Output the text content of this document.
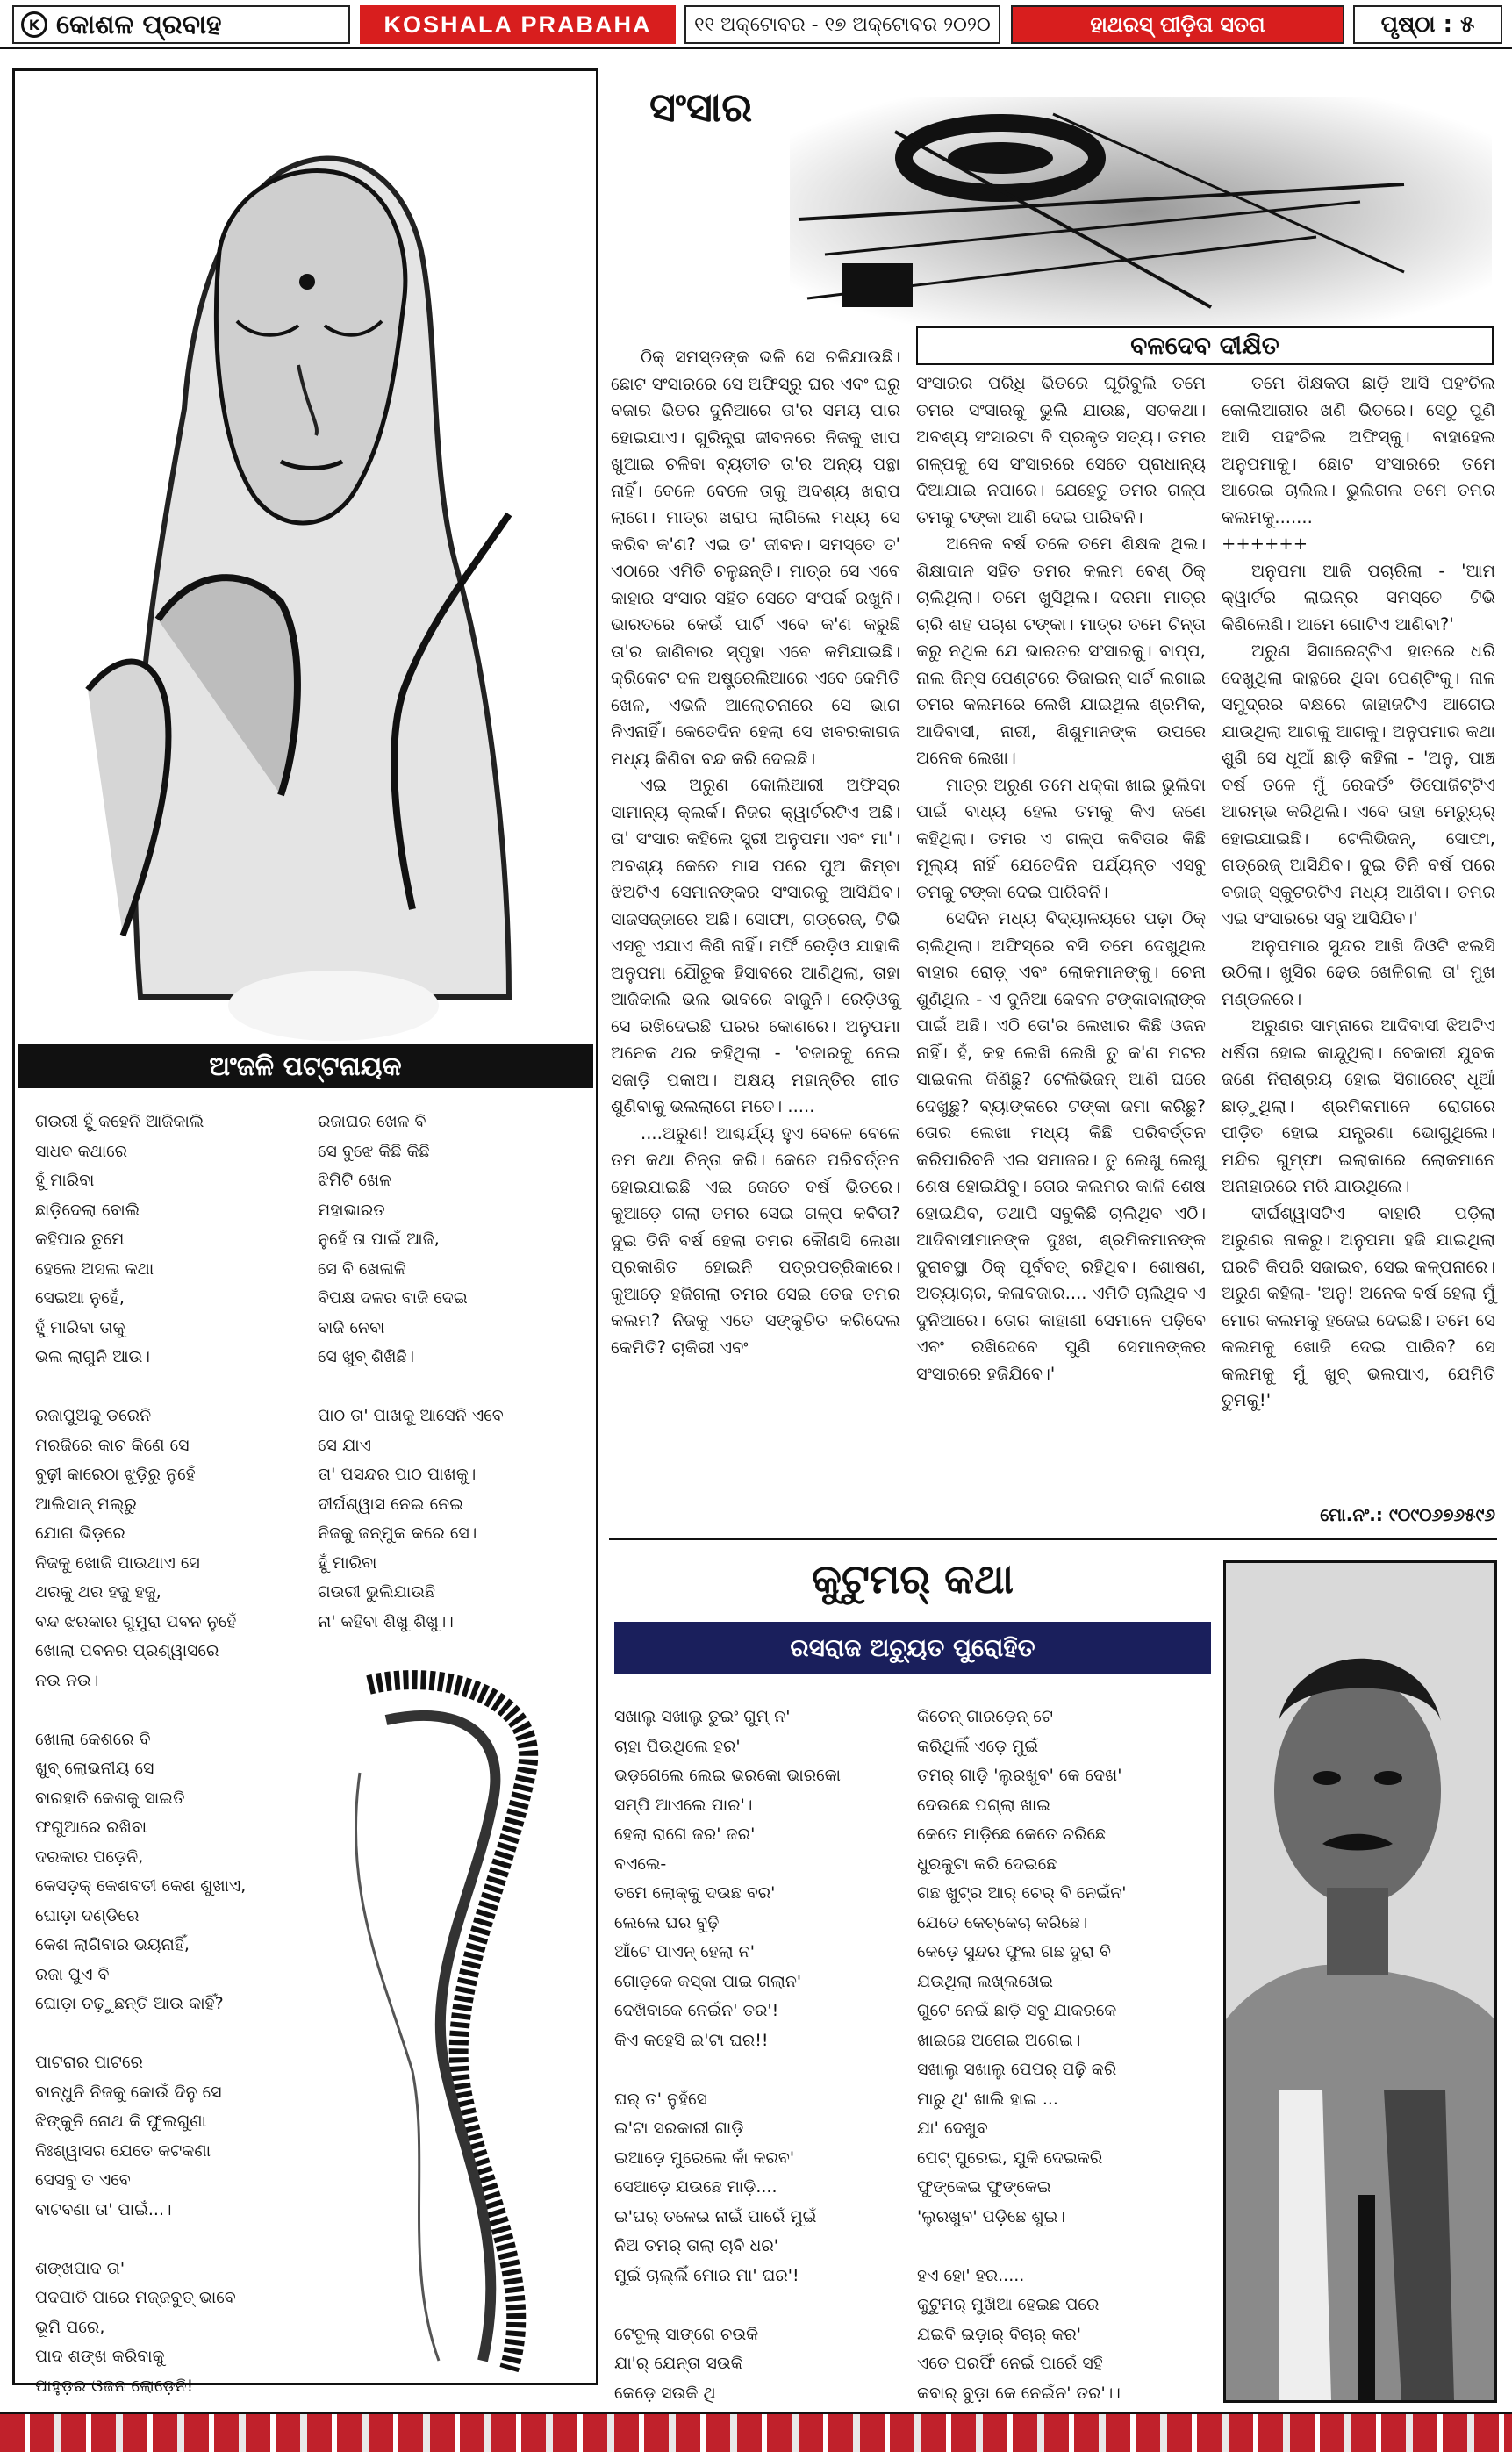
K କୋଶଳ ପ୍ରବାହ	KOSHALA PRABAHA	୧୧ ଅକ୍ଟୋବର - ୧୭ ଅକ୍ଟୋବର ୨୦୨୦	ହାଥରସ୍ ପୀଡ଼ିତା ସତଗ	ପୃଷ୍ଠା : ୫
ଅଂଜଳି ପଟ୍ଟନାୟକ
ଗଉରୀ ହୁଁ କହେନି ଆଜିକାଲି
ସାଧବ କଥାରେ
ହୁଁ ମାରିବା
ଛାଡ଼ିଦେଲା ବୋଲି
କହିପାର ତୁମେ
ହେଲେ ଅସଲ କଥା
ସେଇଆ ନୁହେଁ,
ହୁଁ ମାରିବା ତାକୁ
ଭଲ ଲାଗୁନି ଆଉ।

ରଜାପୁଅକୁ ଡରେନି
ମରଜିରେ କାଚ କିଣେ ସେ
ବୁଢ଼ୀ କାରେଠା ଝୁଡ଼ିରୁ ନୁହେଁ
ଆଲିସାନ୍ ମଲ୍ରୁ
ଯୋଗ ଭିଡ଼ରେ
ନିଜକୁ ଖୋଜି ପାଉଥାଏ ସେ
ଥରକୁ ଥର ହଜୁ ହଜୁ,
ବନ୍ଦ ଝରକାର ଗୁମୁରା ପବନ ନୁହେଁ
ଖୋଲା ପବନର ପ୍ରଶ୍ୱାସରେ
ନଉ ନଉ।

ଖୋଲା କେଶରେ ବି
ଖୁବ୍ ଲୋଭନୀୟ ସେ
ବାରହାତି କେଶକୁ ସାଇତି
ଫଗୁଆରେ ରଖିବା
ଦରକାର ପଡ଼େନି,
କେସଡ଼କ୍ କେଶବତୀ କେଶ ଶୁଖାଏ,
ଘୋଡ଼ା ଦଣ୍ଡିରେ
କେଶ ଲାଗିବାର ଭୟନାହିଁ,
ରଜା ପୁଏ ବି
ଘୋଡ଼ା ଚଢ଼ୁଛନ୍ତି ଆଉ କାହିଁ?

ପାଟରାର ପାଟରେ
ବାନ୍ଧୁନି ନିଜକୁ କୋଉଁ ଦିନୁ ସେ
ଝିଙ୍କୁନି ନୋଥ କି ଫୁଲଗୁଣା
ନିଃଶ୍ୱାସର ଯେତେ କଟକଣା
ସେସବୁ ତ ଏବେ
ବାଟବଣା ତା' ପାଇଁ...।

ଶଙ୍ଖପାଦ ତା'
ପଦପାତି ପାରେ ମଜ୍ଜବୁତ୍ ଭାବେ
ଭୂମି ପରେ,
ପାଦ ଶଙ୍ଖ କରିବାକୁ
ପାହୁଡ଼ର ଓଜନ ଲୋଡ଼େନି!
ରଜାଘର ଖେଳ ବି
ସେ ବୁଝେ କିଛି କିଛି
ଝିମିଟି ଖେଳ
ମହାଭାରତ
ନୁହେଁ ତା ପାଇଁ ଆଜି,
ସେ ବି ଖେଳାଳି
ବିପକ୍ଷ ଦଳର ବାଜି ଦେଇ
ବାଜି ନେବା
ସେ ଖୁବ୍ ଶିଖିଛି।

ପାଠ ତା' ପାଖକୁ ଆସେନି ଏବେ
ସେ ଯାଏ
ତା' ପସନ୍ଦର ପାଠ ପାଖକୁ।
ଦୀର୍ଘଶ୍ୱାସ ନେଇ ନେଇ
ନିଜକୁ ଜନ୍ମୁକ କରେ ସେ।
ହୁଁ ମାରିବା
ଗଉରୀ ଭୁଲିଯାଉଛି
ନା' କହିବା ଶିଖୁ ଶିଖୁ।।
ସଂସାର
ବଳଦେବ ଦୀକ୍ଷିତ

ଠିକ୍ ସମସ୍ତଙ୍କ ଭଳି ସେ ଚଳିଯାଉଛି। ଛୋଟ ସଂସାରରେ ସେ ଅଫିସ୍ରୁ ଘର ଏବଂ ଘରୁ ବଜାର ଭିତର ଦୁନିଆରେ ତା'ର ସମୟ ପାର ହୋଇଯାଏ। ଗୁରିନ୍ତ୍ରା ଜୀବନରେ ନିଜକୁ ଖାପ ଖୁଆଇ ଚଳିବା ବ୍ୟତୀତ ତା'ର ଅନ୍ୟ ପନ୍ଥା ନାହିଁ। ବେଳେ ବେଳେ ତାକୁ ଅବଶ୍ୟ ଖରାପ ଲାଗେ। ମାତ୍ର ଖରାପ ଲାଗିଲେ ମଧ୍ୟ ସେ କରିବ କ'ଣ? ଏଇ ତ' ଜୀବନ। ସମସ୍ତେ ତ' ଏଠାରେ ଏମିତି ଚଳୁଛନ୍ତି। ମାତ୍ର ସେ ଏବେ କାହାର ସଂସାର ସହିତ ସେତେ ସଂପର୍କ ରଖୁନି। ଭାରତରେ କେଉଁ ପାର୍ଟି ଏବେ କ'ଣ କରୁଛି ତା'ର ଜାଣିବାର ସ୍ପୃହା ଏବେ କମିଯାଇଛି। କ୍ରିକେଟ ଦଳ ଅଷ୍ଟ୍ରେଲିଆରେ ଏବେ କେମିତି ଖେଳ, ଏଭଳି ଆଲୋଚନାରେ ସେ ଭାଗ ନିଏନାହିଁ। କେତେଦିନ ହେଲା ସେ ଖବରକାଗଜ ମଧ୍ୟ କିଣିବା ବନ୍ଦ କରି ଦେଇଛି।

ଏଇ ଅରୁଣ କୋଲିଆରୀ ଅଫିସ୍ର ସାମାନ୍ୟ କ୍ଲର୍କ। ନିଜର କ୍ୱାର୍ଟରଟିଏ ଅଛି। ତା' ସଂସାର କହିଲେ ସ୍ତ୍ରୀ ଅନୁପମା ଏବଂ ମା'। ଅବଶ୍ୟ କେତେ ମାସ ପରେ ପୁଅ କିମ୍ବା ଝିଅଟିଏ ସେମାନଙ୍କର ସଂସାରକୁ ଆସିଯିବ। ସାଜସଜ୍ଜାରେ ଅଛି। ସୋଫା, ଗଡ୍ରେଜ୍, ଟିଭି ଏସବୁ ଏଯାଏ କିଣି ନାହିଁ। ମର୍ଫି ରେଡ଼ିଓ ଯାହାକି ଅନୁପମା ଯୌତୁକ ହିସାବରେ ଆଣିଥିଲା, ତାହା ଆଜିକାଲି ଭଲ ଭାବରେ ବାଜୁନି। ରେଡ଼ିଓକୁ ସେ ରଖିଦେଇଛି ଘରର କୋଣରେ। ଅନୁପମା ଅନେକ ଥର କହିଥିଲା - 'ବଜାରକୁ ନେଇ ସଜାଡ଼ି ପକାଅ। ଅକ୍ଷୟ ମହାନ୍ତିର ଗୀତ ଶୁଣିବାକୁ ଭଲଲାଗେ ମତେ। .....

....ଅରୁଣ! ଆଶ୍ଚର୍ଯ୍ୟ ହୁଏ ବେଳେ ବେଳେ ତମ କଥା ଚିନ୍ତା କରି। କେତେ ପରିବର୍ତ୍ତନ ହୋଇଯାଇଛି ଏଇ କେତେ ବର୍ଷ ଭିତରେ। କୁଆଡ଼େ ଗଲା ତମର ସେଇ ଗଳ୍ପ କବିତା? ଦୁଇ ତିନି ବର୍ଷ ହେଲା ତମର କୌଣସି ଲେଖା ପ୍ରକାଶିତ ହୋଇନି ପତ୍ରପତ୍ରିକାରେ। କୁଆଡ଼େ ହଜିଗଲା ତମର ସେଇ ତେଜ ତମର କଲମ? ନିଜକୁ ଏତେ ସଙ୍କୁଚିତ କରିଦେଲ କେମିତି? ଚାକିରୀ ଏବଂ

ସଂସାରର ପରିଧି ଭିତରେ ଘୂରିବୁଲି ତମେ ତମର ସଂସାରକୁ ଭୁଲି ଯାଉଛ, ସତକଥା। ଅବଶ୍ୟ ସଂସାରଟା ବି ପ୍ରକୃତ ସତ୍ୟ। ତମର ଗଳ୍ପକୁ ସେ ସଂସାରରେ ସେତେ ପ୍ରାଧାନ୍ୟ ଦିଆଯାଇ ନପାରେ। ଯେହେତୁ ତମର ଗଳ୍ପ ତମକୁ ଟଙ୍କା ଆଣି ଦେଇ ପାରିବନି।

ଅନେକ ବର୍ଷ ତଳେ ତମେ ଶିକ୍ଷକ ଥିଲ। ଶିକ୍ଷାଦାନ ସହିତ ତମର କଲମ ବେଶ୍ ଠିକ୍ ଚାଲିଥିଲା। ତମେ ଖୁସିଥିଲ। ଦରମା ମାତ୍ର ଚାରି ଶହ ପଚାଶ ଟଙ୍କା। ମାତ୍ର ତମେ ଚିନ୍ତା କରୁ ନଥିଲ ଯେ ଭାରତର ସଂସାରକୁ। ବାପ୍ପ, ନାଲ ଜିନ୍ସ ପେଣ୍ଟରେ ଡିଜାଇନ୍ ସାର୍ଟ ଲଗାଇ ତମର କଲମରେ ଲେଖି ଯାଇଥିଲ ଶ୍ରମିକ, ଆଦିବାସୀ, ନାରୀ, ଶିଶୁମାନଙ୍କ ଉପରେ ଅନେକ ଲେଖା।

ମାତ୍ର ଅରୁଣ ତମେ ଧକ୍କା ଖାଇ ଭୁଲିବା ପାଇଁ ବାଧ୍ୟ ହେଲ ତମକୁ କିଏ ଜଣେ କହିଥିଲା। ତମର ଏ ଗଳ୍ପ କବିତାର କିଛି ମୂଲ୍ୟ ନାହିଁ ଯେତେଦିନ ପର୍ଯ୍ୟନ୍ତ ଏସବୁ ତମକୁ ଟଙ୍କା ଦେଇ ପାରିବନି।

ସେଦିନ ମଧ୍ୟ ବିଦ୍ୟାଳୟରେ ପଢ଼ା ଠିକ୍ ଚାଲିଥିଲା। ଅଫିସ୍ରେ ବସି ତମେ ଦେଖୁଥିଲ ବାହାର ରୋଡ଼୍ ଏବଂ ଲୋକମାନଙ୍କୁ। ଚେନା ଶୁଣିଥିଲ - ଏ ଦୁନିଆ କେବଳ ଟଙ୍କାବାଲାଙ୍କ ପାଇଁ ଅଛି। ଏଠି ତୋ'ର ଲେଖାର କିଛି ଓଜନ ନାହିଁ। ହଁ, କହ ଲେଖି ଲେଖି ତୁ କ'ଣ ମଟର ସାଇକଲ କିଣିଛୁ? ଟେଲିଭିଜନ୍ ଆଣି ଘରେ ଦେଖୁଛୁ? ବ୍ୟାଙ୍କରେ ଟଙ୍କା ଜମା କରିଛୁ? ତୋର ଲେଖା ମଧ୍ୟ କିଛି ପରିବର୍ତ୍ତନ କରିପାରିବନି ଏଇ ସମାଜର। ତୁ ଲେଖୁ ଲେଖୁ ଶେଷ ହୋଇଯିବୁ। ତୋର କଲମର କାଳି ଶେଷ ହୋଇଯିବ, ତଥାପି ସବୁକିଛି ଚାଲିଥିବ ଏଠି। ଆଦିବାସୀମାନଙ୍କ ଦୁଃଖ, ଶ୍ରମିକମାନଙ୍କ ଦୁରାବସ୍ଥା ଠିକ୍ ପୂର୍ବବତ୍ ରହିଥିବ। ଶୋଷଣ, ଅତ୍ୟାଚାର, କଳାବଜାର.... ଏମିତି ଚାଲିଥିବ ଏ ଦୁନିଆରେ। ତୋର କାହାଣୀ ସେମାନେ ପଢ଼ିବେ ଏବଂ ରଖିଦେବେ ପୁଣି ସେମାନଙ୍କର ସଂସାରରେ ହଜିଯିବେ।'

ତମେ ଶିକ୍ଷକତା ଛାଡ଼ି ଆସି ପହଂଚିଲ କୋଲିଆରୀର ଖଣି ଭିତରେ। ସେଠୁ ପୁଣି ଆସି ପହଂଚିଲ ଅଫିସ୍କୁ। ବାହାହେଲ ଅନୁପମାକୁ। ଛୋଟ ସଂସାରରେ ତମେ ଆରେଇ ଚାଲିଲ। ଭୁଲିଗଲ ତମେ ତମର କଲମକୁ.......

++++++

ଅନୁପମା ଆଜି ପଚାରିଲା - 'ଆମ କ୍ୱାର୍ଟର ଲାଇନ୍ର ସମସ୍ତେ ଟିଭି କିଣିଲେଣି। ଆମେ ଗୋଟିଏ ଆଣିବା?'

ଅରୁଣ ସିଗାରେଟ୍ଟିଏ ହାତରେ ଧରି ଦେଖୁଥିଲା କାନ୍ଥରେ ଥିବା ପେଣ୍ଟିଂକୁ। ନାଳ ସମୁଦ୍ରର ବକ୍ଷରେ ଜାହାଜଟିଏ ଆଗେଇ ଯାଉଥିଲା ଆଗକୁ ଆଗକୁ। ଅନୁପମାର କଥା ଶୁଣି ସେ ଧୂଆଁ ଛାଡ଼ି କହିଲା - 'ଅନୁ, ପାଞ୍ଚ ବର୍ଷ ତଳେ ମୁଁ ରେକର୍ଡିଂ ଡିପୋଜିଟ୍ଟିଏ ଆରମ୍ଭ କରିଥିଲି। ଏବେ ତାହା ମେଚ୍ୟୁର୍ ହୋଇଯାଇଛି। ଟେଲିଭିଜନ୍, ସୋଫା, ଗଡ୍ରେଜ୍ ଆସିଯିବ। ଦୁଇ ତିନି ବର୍ଷ ପରେ ବଜାଜ୍ ସ୍କୁଟରଟିଏ ମଧ୍ୟ ଆଣିବା। ତମର ଏଇ ସଂସାରରେ ସବୁ ଆସିଯିବ।'

ଅନୁପମାର ସୁନ୍ଦର ଆଖି ଦିଓଟି ଝଲସି ଉଠିଲା। ଖୁସିର ଢେଉ ଖେଳିଗଲା ତା' ମୁଖ ମଣ୍ଡଳରେ।

ଅରୁଣର ସାମ୍ନାରେ ଆଦିବାସୀ ଝିଅଟିଏ ଧର୍ଷିତା ହୋଇ କାନ୍ଦୁଥିଲା। ବେକାରୀ ଯୁବକ ଜଣେ ନିରାଶ୍ରୟ ହୋଇ ସିଗାରେଟ୍ ଧୂଆଁ ଛାଡ଼ୁଥିଲା। ଶ୍ରମିକମାନେ ରୋଗରେ ପୀଡ଼ିତ ହୋଇ ଯନ୍ତ୍ରଣା ଭୋଗୁଥିଲେ। ମନ୍ଦିର ଗୁମ୍ଫା ଇଲାକାରେ ଲୋକମାନେ ଅନାହାରରେ ମରି ଯାଉଥିଲେ।

ଦୀର୍ଘଶ୍ୱାସଟିଏ ବାହାରି ପଡ଼ିଲା ଅରୁଣର ନାକରୁ। ଅନୁପମା ହଜି ଯାଇଥିଲା ଘରଟି କିପରି ସଜାଇବ, ସେଇ କଳ୍ପନାରେ। ଅରୁଣ କହିଲା- 'ଅନୁ! ଅନେକ ବର୍ଷ ହେଲା ମୁଁ ମୋର କଲମକୁ ହଜେଇ ଦେଇଛି। ତମେ ସେ କଲମକୁ ଖୋଜି ଦେଇ ପାରିବ? ସେ କଲମକୁ ମୁଁ ଖୁବ୍ ଭଲପାଏ, ଯେମିତି ତୁମକୁ!'

ମୋ.ନଂ.: ୯୦୯୦୬୭୬୫୯୬
କୁଟୁମର୍ କଥା
ରସରାଜ ଅଚ୍ୟୁତ ପୁରୋହିତ
ସଖାଲୁ ସଖାଲୁ ତୁଇଂ ଗୁମ୍ ନ'
ଚାହା ପିଉଥିଲେ ହର'
ଭଡ଼ଗେଲେ ଲେଇ ଭରକୋ ଭାରକୋ
ସମ୍ପି ଆଏଲେ ପାର'।
ହେଲା ରାଗେ ଜର' ଜର'
ବଏଲେ-
ତମେ ଲୋକ୍କୁ ଦଉଛ ବର'
ଲେଲେ ଘର ବୁଢ଼ି
ଆଁଟେ ପାଏନ୍ ହେଲା ନ'
ଗୋଡ଼କେ କସ୍କା ପାଇ ଗଲାନ'
ଦେଖିବାକେ ନେଇଁନ' ତର'!
କିଏ କହେସି ଇ'ଟା ଘର!!

ଘର୍ ତ' ନୁହଁସେ
ଇ'ଟା ସରକାରୀ ଗାଡ଼ି
ଇଆଡ଼େ ମୁରେଲେ କାଁ କରବ'
ସେଆଡ଼େ ଯଉଛେ ମାଡ଼ି....
ଇ'ଘର୍ ତଳେଇ ନାଇଁ ପାରେଁ ମୁଇଁ
ନିଅ ତମର୍ ତାଲା ଚାବି ଧର'
ମୁଇଁ ଚାଲ୍ଲିଁ ମୋର ମା' ଘର'!

ଟେବୁଲ୍ ସାଙ୍ଗେ ଚଉକି
ଯା'ର୍ ଯେନ୍ତା ସଉକି
କେଡ଼େ ସଉକି ଥି
କିଚେନ୍ ଗାରଡ଼େନ୍ ଟେ
କରିଥିଲିଁ ଏଡ଼େ ମୁଇଁ
ତମର୍ ଗାଡ଼ି 'ଲୁରଖୁବ' କେ ଦେଖ'
ଦେଉଛେ ପଗ୍ଲା ଖାଇ
କେତେ ମାଡ଼ିଛେ କେତେ ଚରିଛେ
ଧୁରକୁଟା କରି ଦେଇଛେ
ଗଛ ଖୁଟ୍ର ଆର୍ ଚେର୍ ବି ନେଇଁନ'
ଯେତେ କେଚ୍କେଚା କରିଛେ।
କେଡ଼େ ସୁନ୍ଦର ଫୁଲ ଗଛ ଦୁରା ବି
ଯଉଥିଲା ଲଖ୍ଲଖେଇ
ଗୁଟେ ନେଇଁ ଛାଡ଼ି ସବୁ ଯାକରକେ
ଖାଇଛେ ଅଗେଇ ଅଗେଇ।
ସଖାଲୁ ସଖାଲୁ ପେପର୍ ପଢ଼ି କରି
ମାରୁ ଥି' ଖାଲି ହାଇ ...
ଯା' ଦେଖୁବ
ପେଟ୍ ପୁରେଇ, ଯୁକି ଦେଇକରି
ଫୁଙ୍କେଇ ଫୁଙ୍କେଇ
'ଲୁରଖୁବ' ପଡ଼ିଛେ ଶୁଇ।

ହଏ ହୋ' ହର.....
କୁଟୁମର୍ ମୁଖିଆ ହେଇଛ ପରେ
ଯଇବି ଇଡ଼ାର୍ ବିଚାର୍ କର'
ଏତେ ପରଫିଁ ନେଇଁ ପାରେଁ ସହି
କବାର୍ ବୁଡ଼ା କେ ନେଇଁନ' ତର'।।
